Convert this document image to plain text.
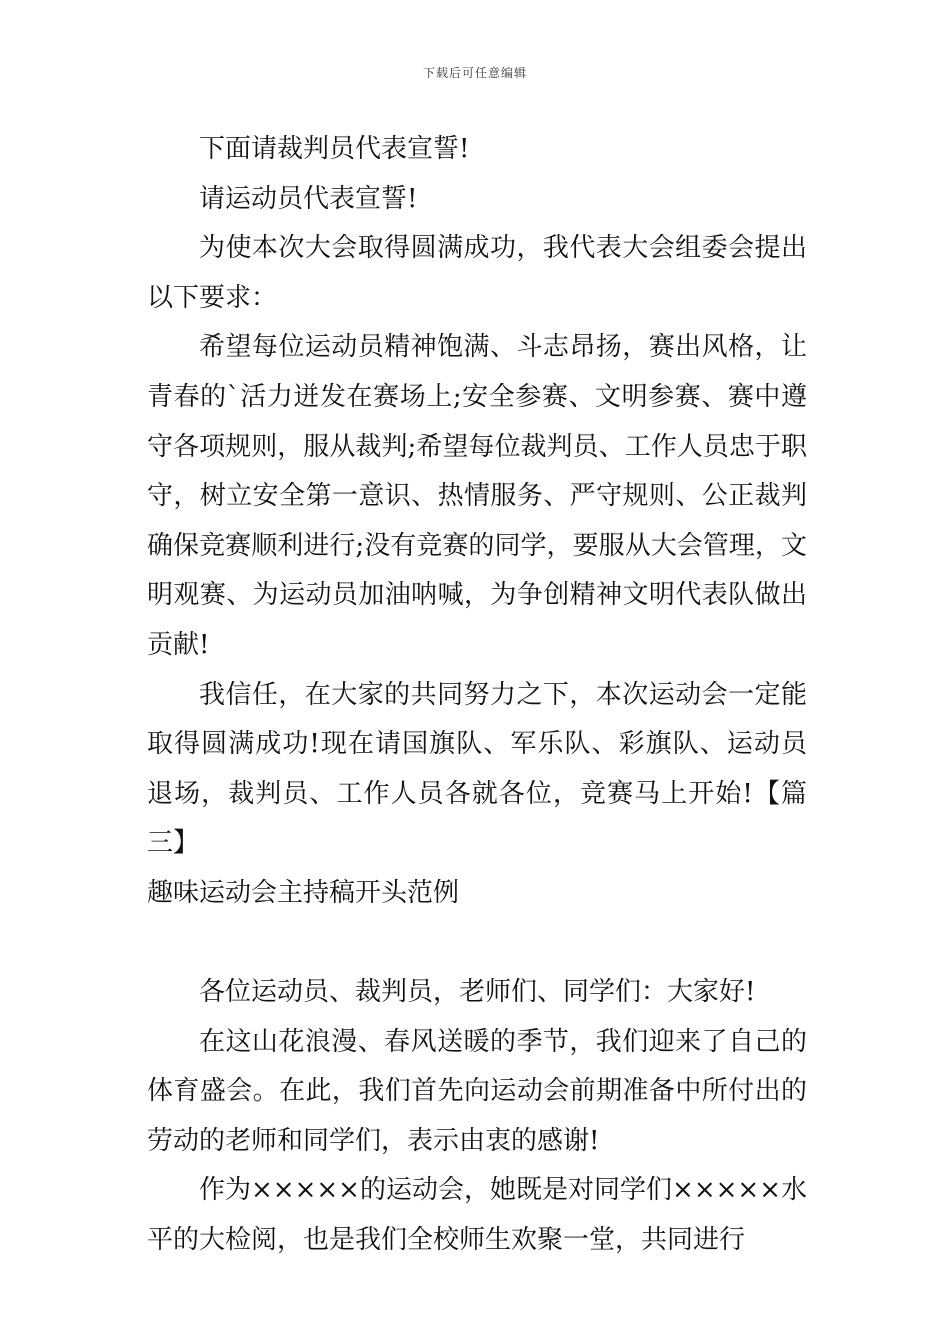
下载后可任意编辑

下面请裁判员代表宣誓!

请运动员代表宣誓!

为使本次大会取得圆满成功，我代表大会组委会提出以下要求：

希望每位运动员精神饱满、斗志昂扬，赛出风格，让青春的`活力迸发在赛场上;安全参赛、文明参赛、赛中遵守各项规则，服从裁判;希望每位裁判员、工作人员忠于职守，树立安全第一意识、热情服务、严守规则、公正裁判确保竞赛顺利进行;没有竞赛的同学，要服从大会管理，文明观赛、为运动员加油呐喊，为争创精神文明代表队做出贡献!

我信任，在大家的共同努力之下，本次运动会一定能取得圆满成功!现在请国旗队、军乐队、彩旗队、运动员退场，裁判员、工作人员各就各位，竞赛马上开始!【篇三】

趣味运动会主持稿开头范例

各位运动员、裁判员，老师们、同学们：大家好!

在这山花浪漫、春风送暖的季节，我们迎来了自己的体育盛会。在此，我们首先向运动会前期准备中所付出的劳动的老师和同学们，表示由衷的感谢!

作为×××××的运动会，她既是对同学们×××××水平的大检阅，也是我们全校师生欢聚一堂，共同进行
